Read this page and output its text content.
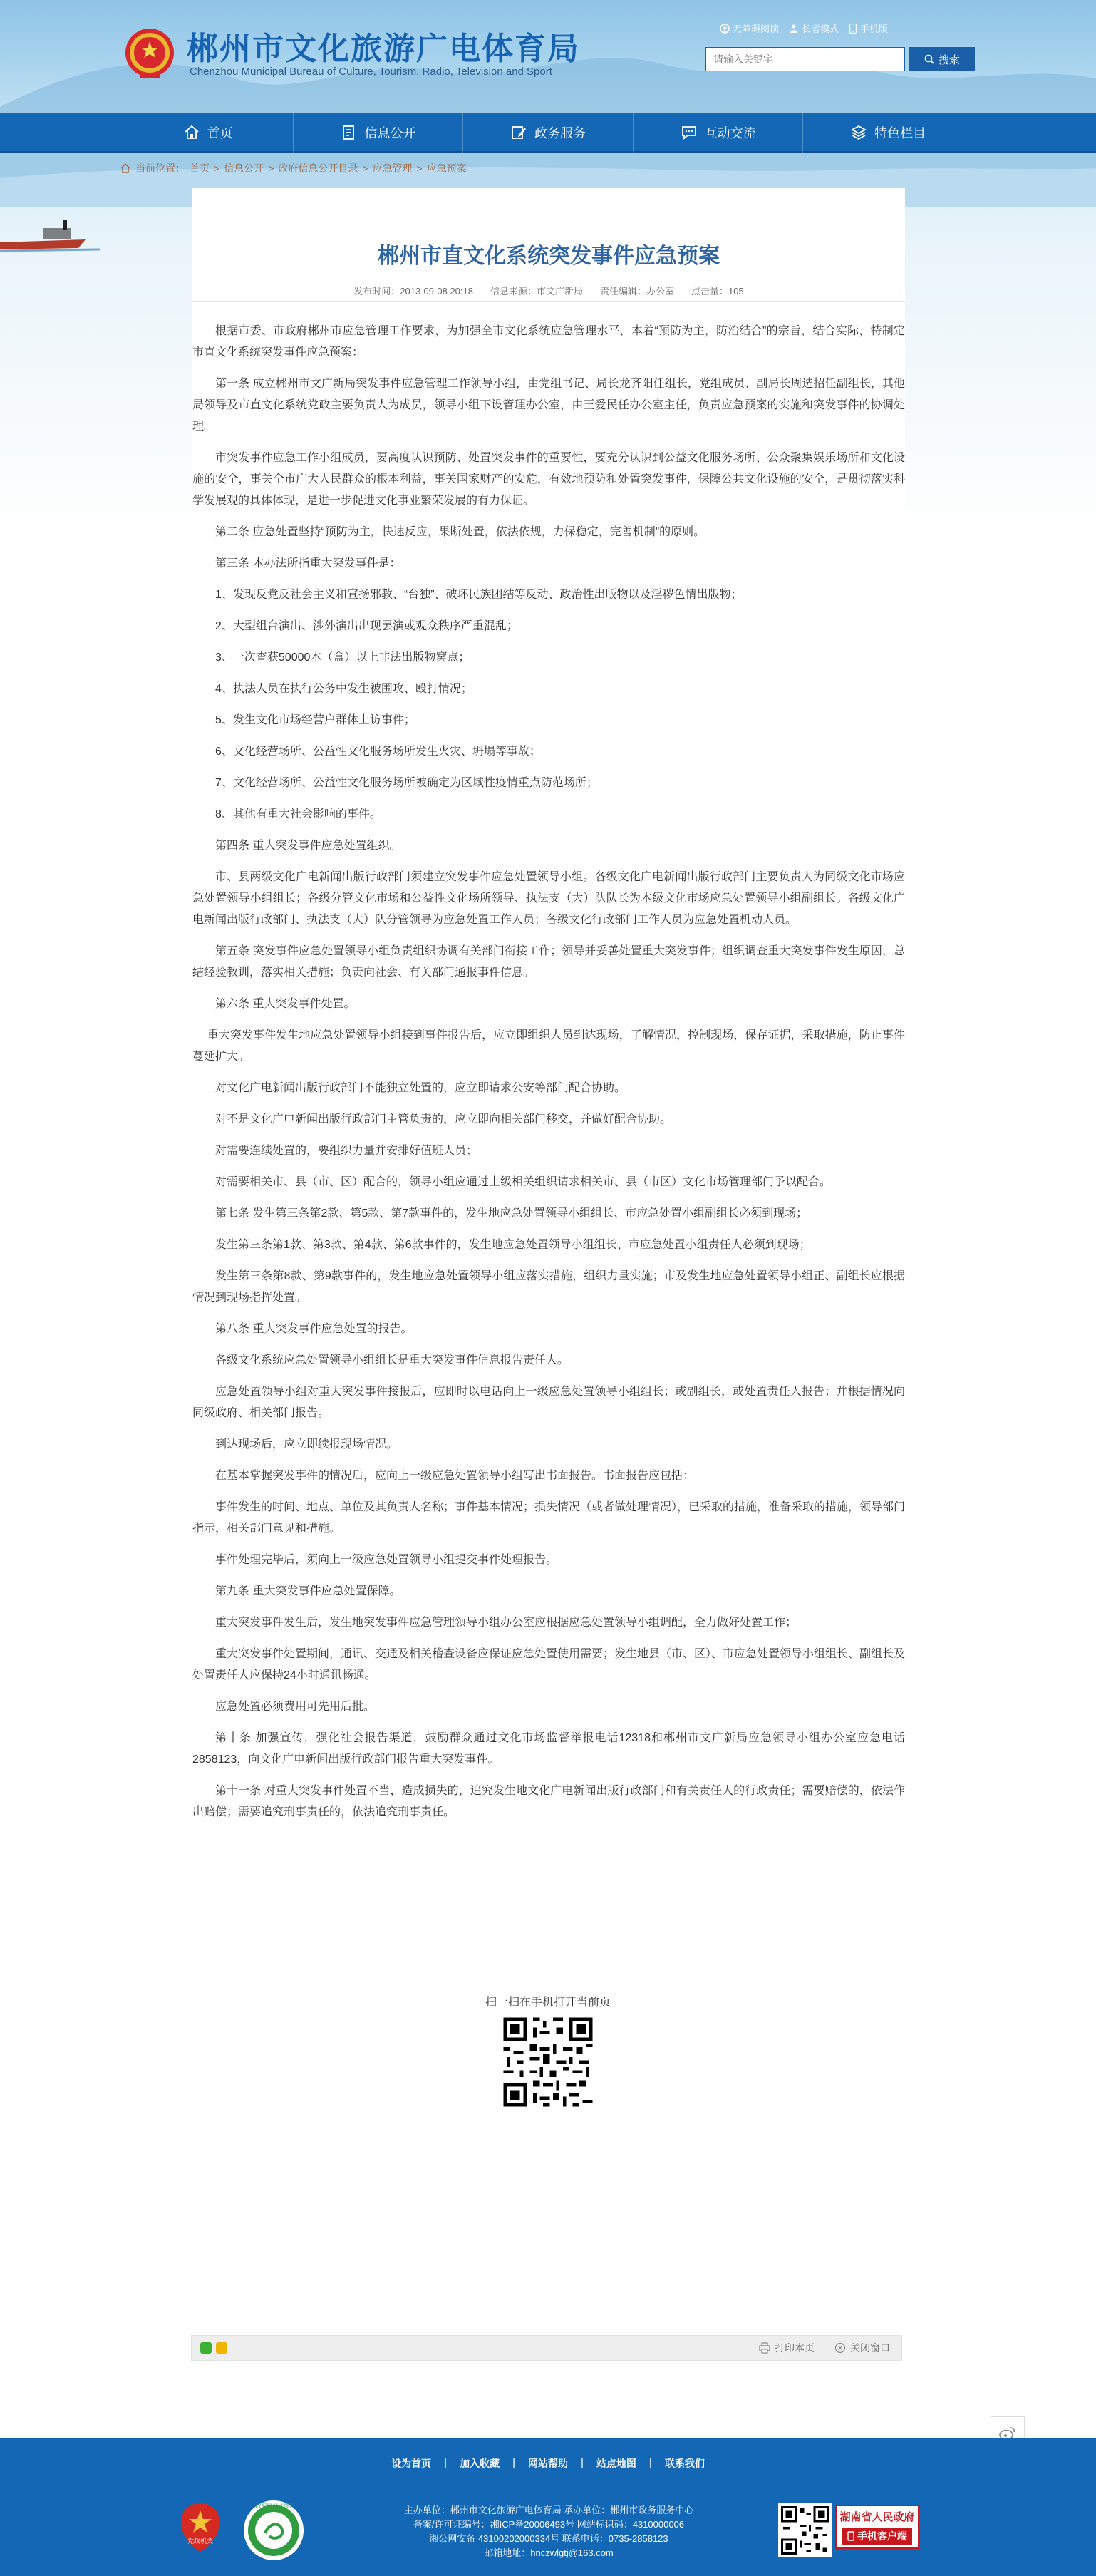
郴州市文化旅游广电体育局
Chenzhou Municipal Bureau of Culture, Tourism, Radio, Television and Sport
无障碍阅读 长者模式 手机版
请输入关键字
搜索
首页	信息公开	政务服务	互动交流	特色栏目
当前位置： 首页 > 信息公开 > 政府信息公开目录 > 应急管理 > 应急预案
郴州市直文化系统突发事件应急预案
发布时间：2013-09-08 20:18 信息来源：市文广新局 责任编辑：办公室 点击量：105

根据市委、市政府郴州市应急管理工作要求，为加强全市文化系统应急管理水平，本着“预防为主，防治结合”的宗旨，结合实际，特制定市直文化系统突发事件应急预案：

第一条 成立郴州市文广新局突发事件应急管理工作领导小组，由党组书记、局长龙齐阳任组长，党组成员、副局长周选招任副组长，其他局领导及市直文化系统党政主要负责人为成员，领导小组下设管理办公室，由王爱民任办公室主任，负责应急预案的实施和突发事件的协调处理。

市突发事件应急工作小组成员，要高度认识预防、处置突发事件的重要性，要充分认识到公益文化服务场所、公众聚集娱乐场所和文化设施的安全，事关全市广大人民群众的根本利益，事关国家财产的安危，有效地预防和处置突发事件，保障公共文化设施的安全，是贯彻落实科学发展观的具体体现，是进一步促进文化事业繁荣发展的有力保证。

第二条 应急处置坚持“预防为主，快速反应，果断处置，依法依规，力保稳定，完善机制”的原则。

第三条 本办法所指重大突发事件是：

1、发现反党反社会主义和宣扬邪教、“台独”、破坏民族团结等反动、政治性出版物以及淫秽色情出版物；

2、大型组台演出、涉外演出出现罢演或观众秩序严重混乱；

3、一次查获50000本（盒）以上非法出版物窝点；

4、执法人员在执行公务中发生被围攻、殴打情况；

5、发生文化市场经营户群体上访事件；

6、文化经营场所、公益性文化服务场所发生火灾、坍塌等事故；

7、文化经营场所、公益性文化服务场所被确定为区域性疫情重点防范场所；

8、其他有重大社会影响的事件。

第四条 重大突发事件应急处置组织。

市、县两级文化广电新闻出版行政部门须建立突发事件应急处置领导小组。各级文化广电新闻出版行政部门主要负责人为同级文化市场应急处置领导小组组长；各级分管文化市场和公益性文化场所领导、执法支（大）队队长为本级文化市场应急处置领导小组副组长。各级文化广电新闻出版行政部门、执法支（大）队分管领导为应急处置工作人员；各级文化行政部门工作人员为应急处置机动人员。

第五条 突发事件应急处置领导小组负责组织协调有关部门衔接工作；领导并妥善处置重大突发事件；组织调查重大突发事件发生原因，总结经验教训，落实相关措施；负责向社会、有关部门通报事件信息。

第六条 重大突发事件处置。

重大突发事件发生地应急处置领导小组接到事件报告后，应立即组织人员到达现场，了解情况，控制现场，保存证据，采取措施，防止事件蔓延扩大。

对文化广电新闻出版行政部门不能独立处置的，应立即请求公安等部门配合协助。

对不是文化广电新闻出版行政部门主管负责的，应立即向相关部门移交，并做好配合协助。

对需要连续处置的，要组织力量并安排好值班人员；

对需要相关市、县（市、区）配合的，领导小组应通过上级相关组织请求相关市、县（市区）文化市场管理部门予以配合。

第七条 发生第三条第2款、第5款、第7款事件的，发生地应急处置领导小组组长、市应急处置小组副组长必须到现场；

发生第三条第1款、第3款、第4款、第6款事件的，发生地应急处置领导小组组长、市应急处置小组责任人必须到现场；

发生第三条第8款、第9款事件的，发生地应急处置领导小组应落实措施，组织力量实施；市及发生地应急处置领导小组正、副组长应根据情况到现场指挥处置。

第八条 重大突发事件应急处置的报告。

各级文化系统应急处置领导小组组长是重大突发事件信息报告责任人。

应急处置领导小组对重大突发事件接报后，应即时以电话向上一级应急处置领导小组组长；或副组长，或处置责任人报告；并根据情况向同级政府、相关部门报告。

到达现场后，应立即续报现场情况。

在基本掌握突发事件的情况后，应向上一级应急处置领导小组写出书面报告。书面报告应包括：

事件发生的时间、地点、单位及其负责人名称；事件基本情况；损失情况（或者做处理情况），已采取的措施，准备采取的措施，领导部门指示，相关部门意见和措施。

事件处理完毕后，须向上一级应急处置领导小组提交事件处理报告。

第九条 重大突发事件应急处置保障。

重大突发事件发生后，发生地突发事件应急管理领导小组办公室应根据应急处置领导小组调配，全力做好处置工作；

重大突发事件处置期间，通讯、交通及相关稽查设备应保证应急处置使用需要；发生地县（市、区）、市应急处置领导小组组长、副组长及处置责任人应保持24小时通讯畅通。

应急处置必须费用可先用后批。

第十条 加强宣传，强化社会报告渠道，鼓励群众通过文化市场监督举报电话12318和郴州市文广新局应急领导小组办公室应急电话2858123，向文化广电新闻出版行政部门报告重大突发事件。

第十一条 对重大突发事件处置不当，造成损失的，追究发生地文化广电新闻出版行政部门和有关责任人的行政责任；需要赔偿的，依法作出赔偿；需要追究刑事责任的，依法追究刑事责任。

扫一扫在手机打开当前页
打印本页	关闭窗口
设为首页 | 加入收藏 | 网站帮助 | 站点地图 | 联系我们
党政机关
政府网站 找错	主办单位：郴州市文化旅游广电体育局 承办单位：郴州市政务服务中心
备案/许可证编号：湘ICP备20006493号 网站标识码：4310000006
湘公网安备 43100202000334号 联系电话：0735-2858123
邮箱地址：hnczwlgtj@163.com
湖南省人民政府
手机客户端
